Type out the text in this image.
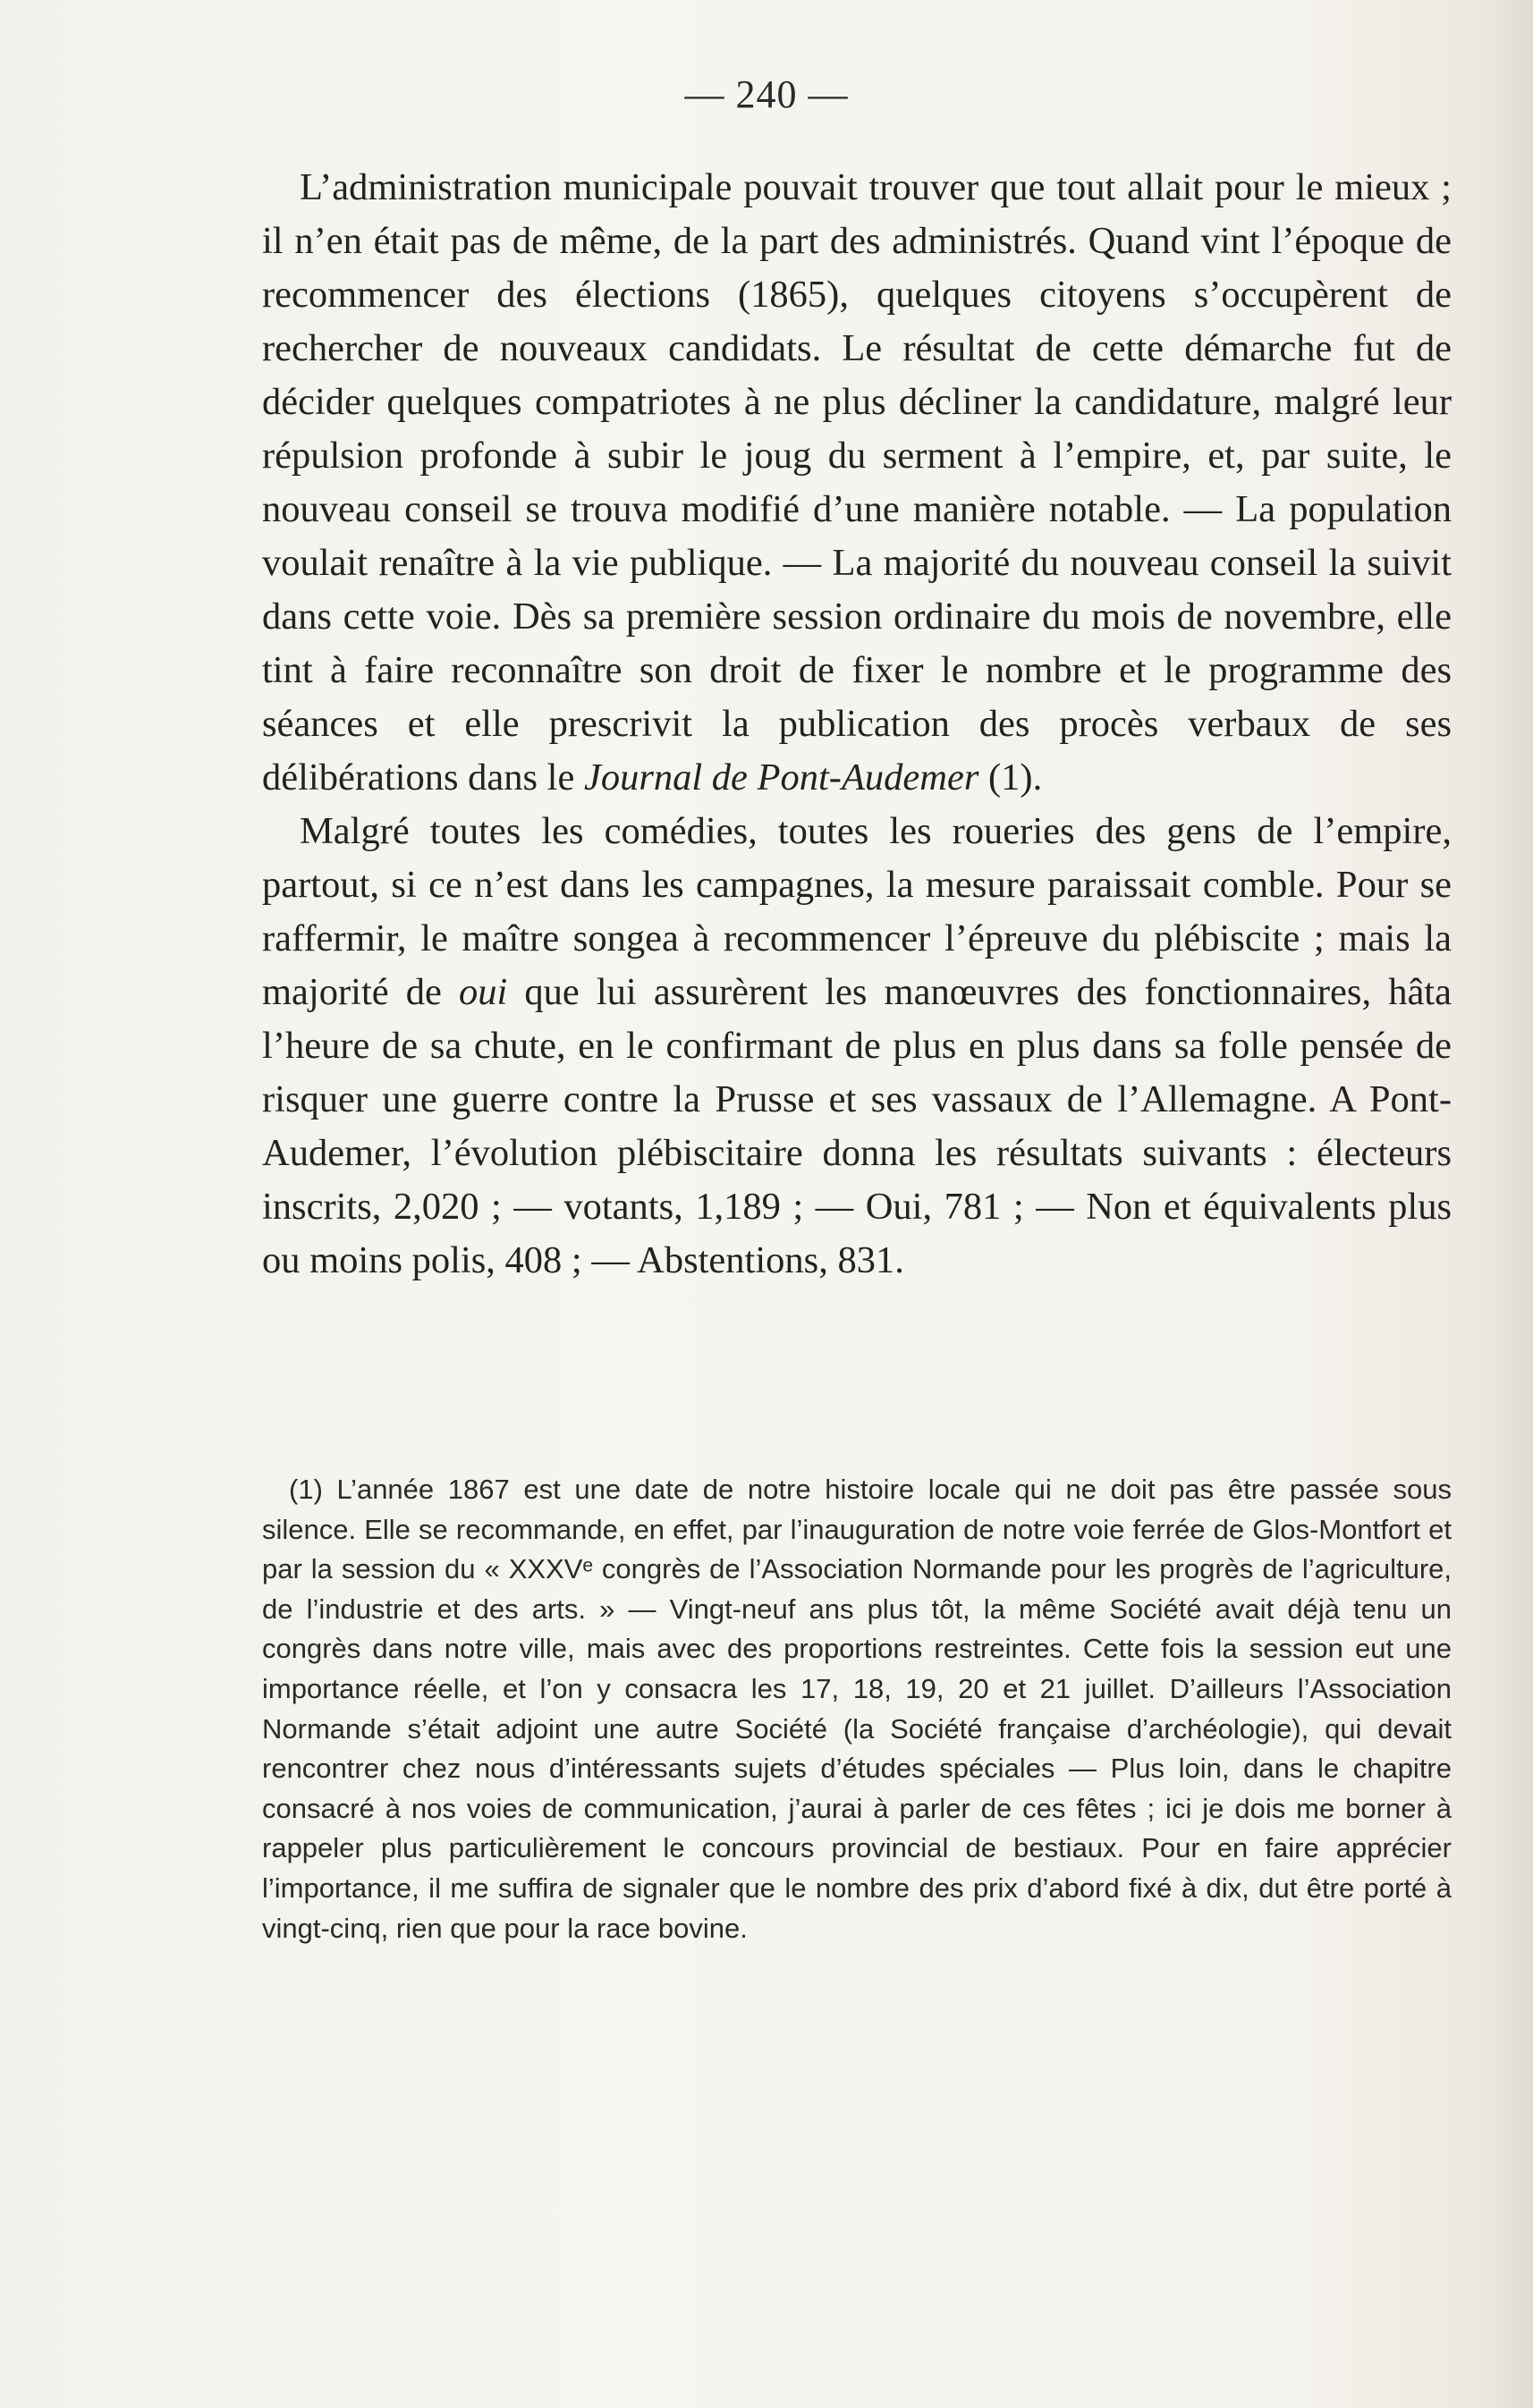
— 240 —

L’administration municipale pouvait trouver que tout allait pour le mieux ; il n’en était pas de même, de la part des administrés. Quand vint l’époque de recommencer des élections (1865), quelques citoyens s’occupèrent de rechercher de nouveaux candidats. Le résultat de cette démarche fut de décider quelques compatriotes à ne plus décliner la candidature, malgré leur répulsion profonde à subir le joug du serment à l’empire, et, par suite, le nouveau conseil se trouva modifié d’une manière notable. — La population voulait renaître à la vie publique. — La majorité du nouveau conseil la suivit dans cette voie. Dès sa première session ordinaire du mois de novembre, elle tint à faire reconnaître son droit de fixer le nombre et le programme des séances et elle prescrivit la publication des procès verbaux de ses délibérations dans le Journal de Pont-Audemer (1).

Malgré toutes les comédies, toutes les roueries des gens de l’empire, partout, si ce n’est dans les campagnes, la mesure paraissait comble. Pour se raffermir, le maître songea à recommencer l’épreuve du plébiscite ; mais la majorité de oui que lui assurèrent les manœuvres des fonctionnaires, hâta l’heure de sa chute, en le confirmant de plus en plus dans sa folle pensée de risquer une guerre contre la Prusse et ses vassaux de l’Allemagne. A Pont-Audemer, l’évolution plébiscitaire donna les résultats suivants : électeurs inscrits, 2,020 ; — votants, 1,189 ; — Oui, 781 ; — Non et équivalents plus ou moins polis, 408 ; — Abstentions, 831.

(1) L’année 1867 est une date de notre histoire locale qui ne doit pas être passée sous silence. Elle se recommande, en effet, par l’inauguration de notre voie ferrée de Glos-Montfort et par la session du « XXXVᵉ congrès de l’Association Normande pour les progrès de l’agriculture, de l’industrie et des arts. » — Vingt-neuf ans plus tôt, la même Société avait déjà tenu un congrès dans notre ville, mais avec des proportions restreintes. Cette fois la session eut une importance réelle, et l’on y consacra les 17, 18, 19, 20 et 21 juillet. D’ailleurs l’Association Normande s’était adjoint une autre Société (la Société française d’archéologie), qui devait rencontrer chez nous d’intéressants sujets d’études spéciales — Plus loin, dans le chapitre consacré à nos voies de communication, j’aurai à parler de ces fêtes ; ici je dois me borner à rappeler plus particulièrement le concours provincial de bestiaux. Pour en faire apprécier l’importance, il me suffira de signaler que le nombre des prix d’abord fixé à dix, dut être porté à vingt-cinq, rien que pour la race bovine.
